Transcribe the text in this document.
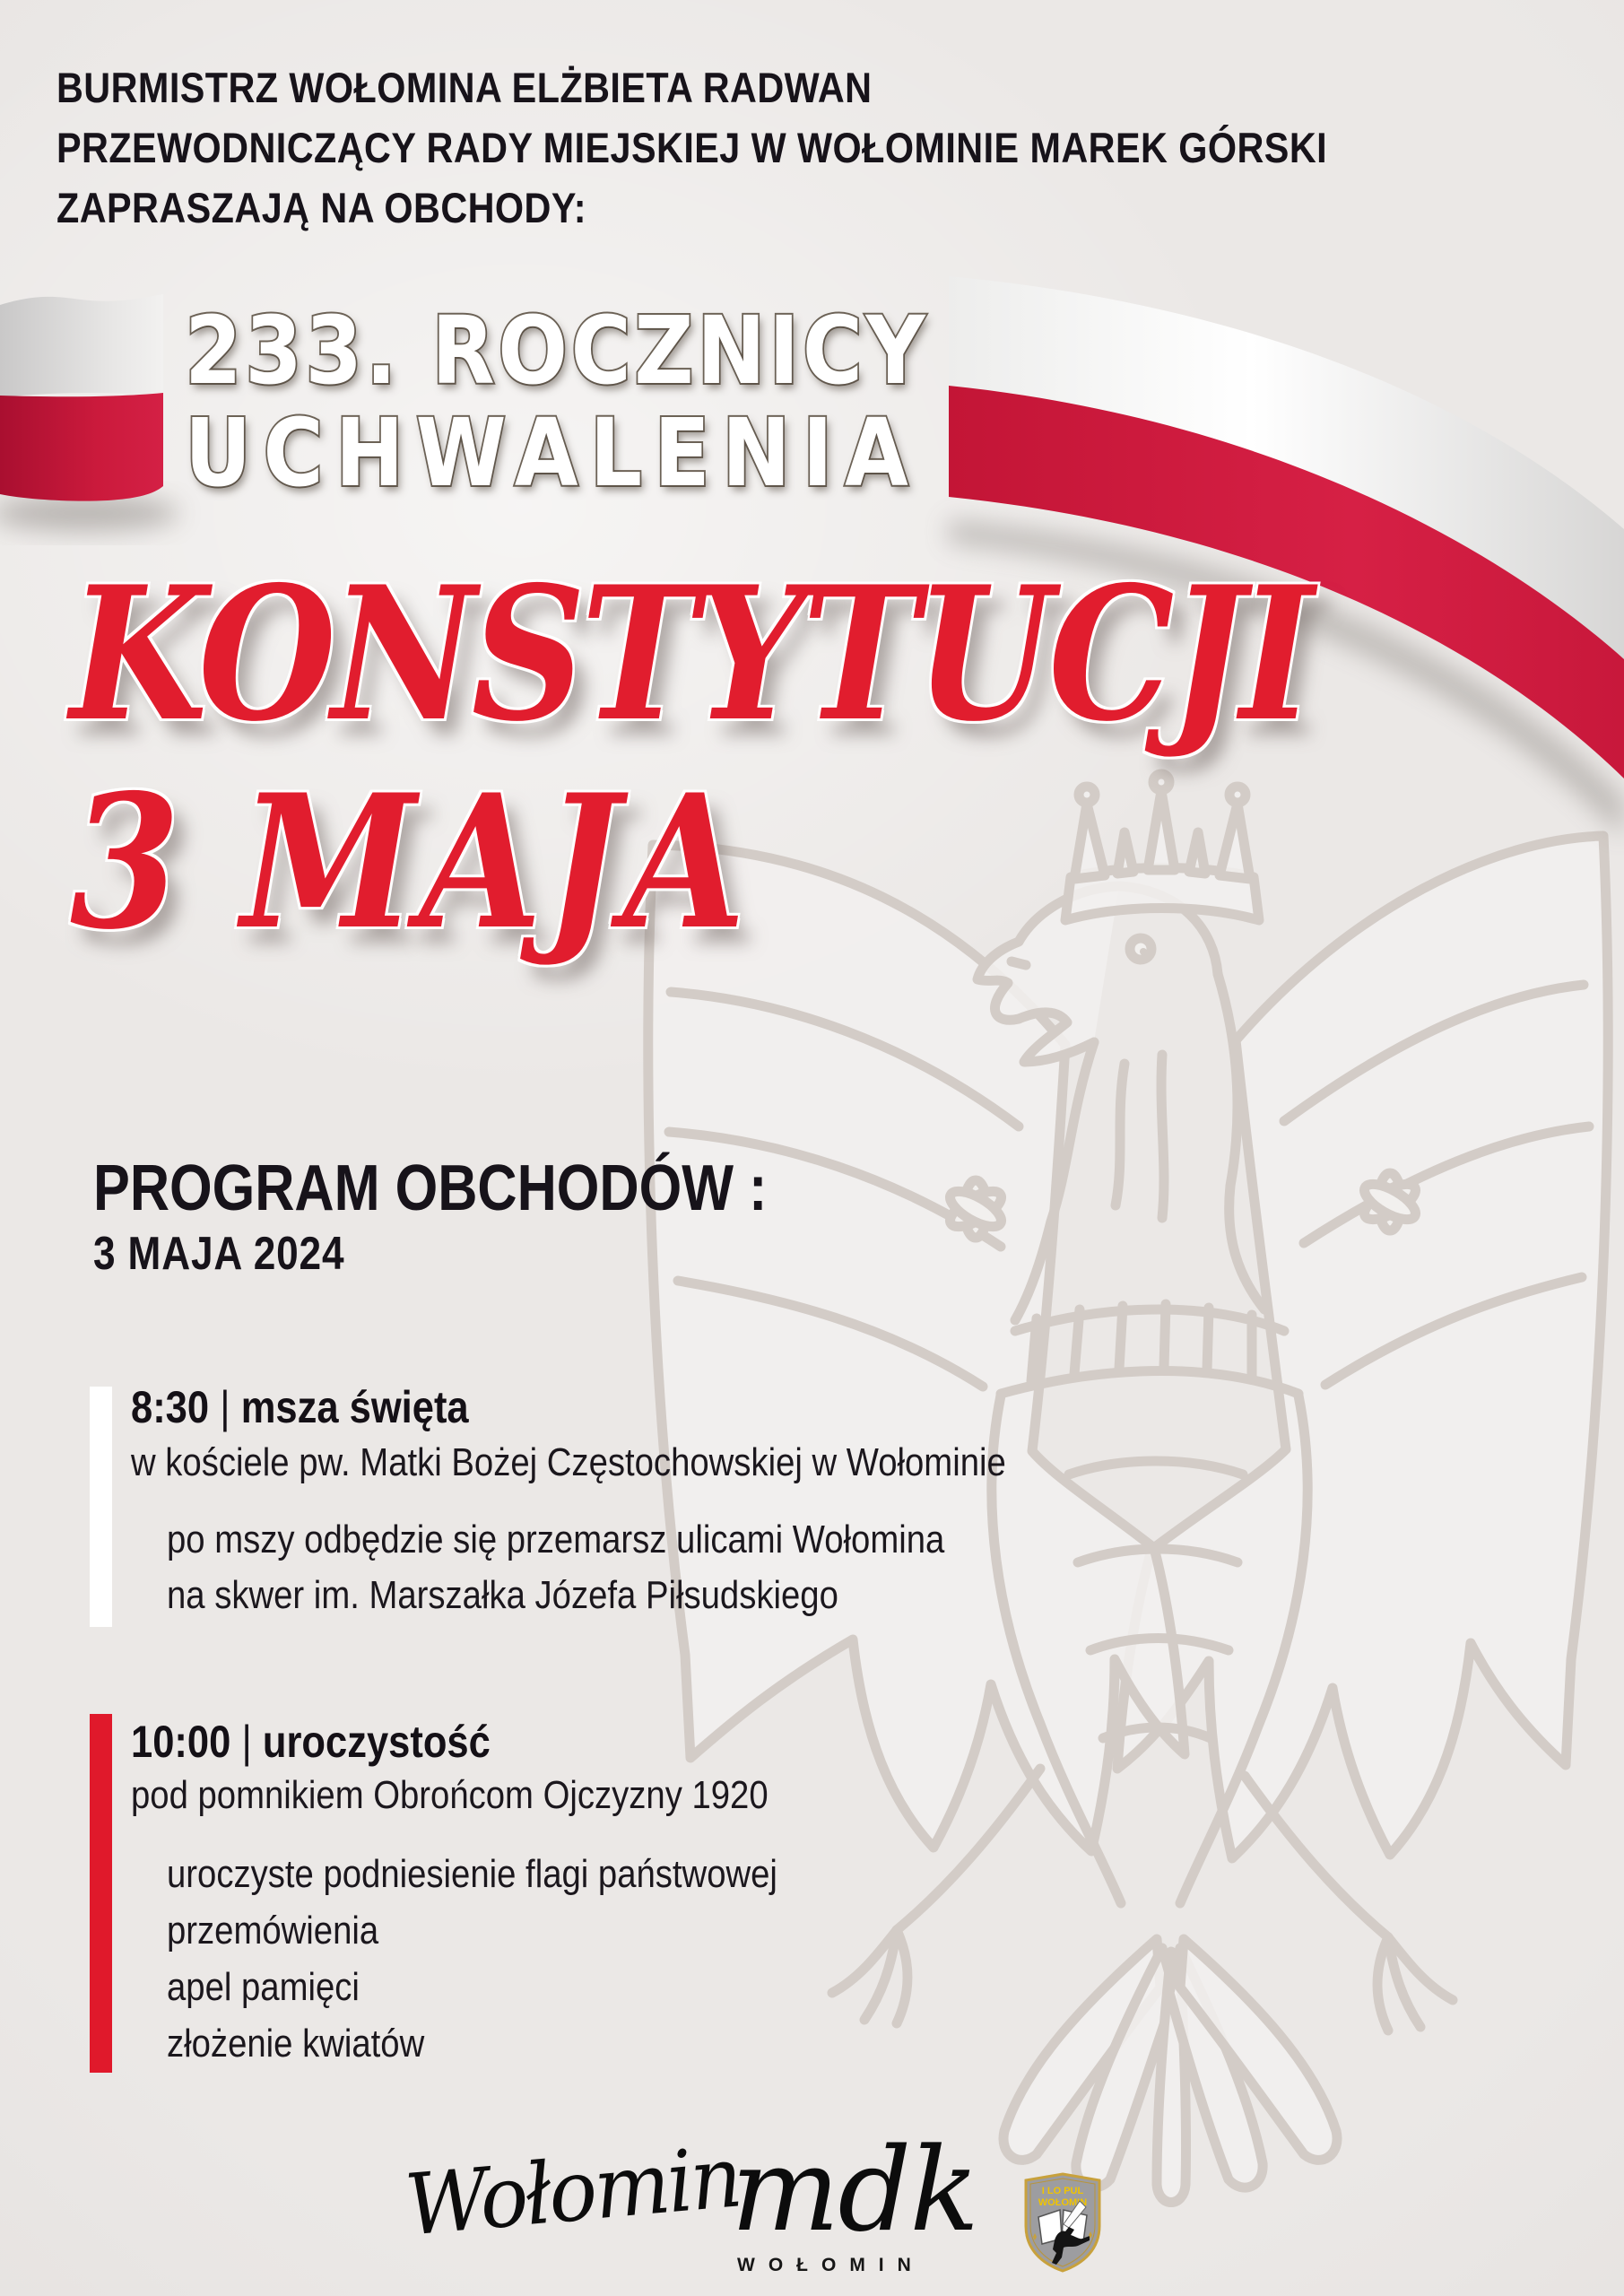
BURMISTRZ WOŁOMINA ELŻBIETA RADWAN
PRZEWODNICZĄCY RADY MIEJSKIEJ W WOŁOMINIE MAREK GÓRSKI
ZAPRASZAJĄ NA OBCHODY:
233. ROCZNICY
UCHWALENIA
KONSTYTUCJI
3 MAJA
PROGRAM OBCHODÓW :
3 MAJA 2024
8:30 | msza święta
w kościele pw. Matki Bożej Częstochowskiej w Wołominie
po mszy odbędzie się przemarsz ulicami Wołomina
na skwer im. Marszałka Józefa Piłsudskiego
10:00 | uroczystość
pod pomnikiem Obrońcom Ojczyzny 1920
uroczyste podniesienie flagi państwowej
przemówienia
apel pamięci
złożenie kwiatów
Wołomin
mdk
WOŁOMIN
I LO PUL
WOŁOMIN
